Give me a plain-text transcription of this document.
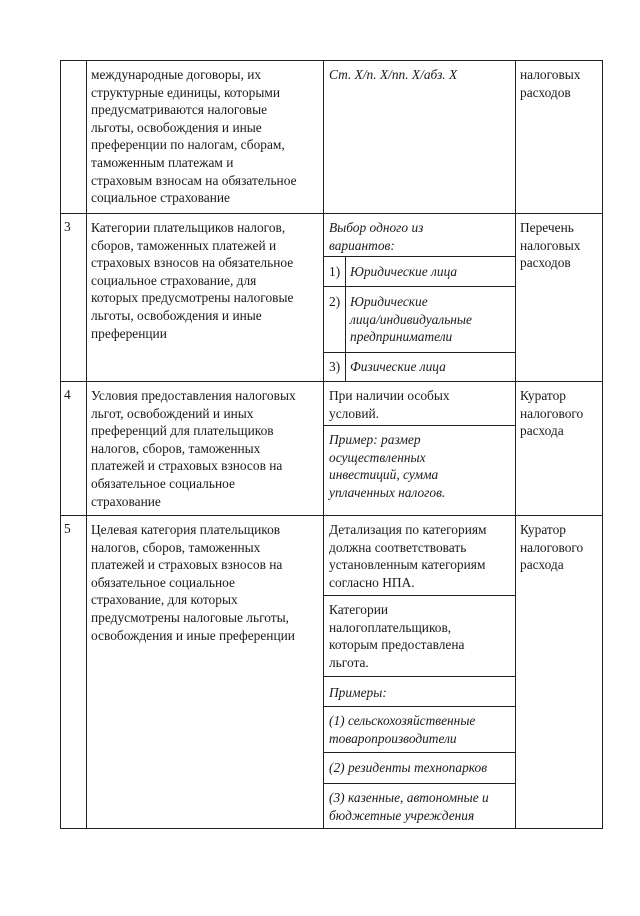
международные договоры, их
структурные единицы, которыми
предусматриваются налоговые
льготы, освобождения и иные
преференции по налогам, сборам,
таможенным платежам и
страховым взносам на обязательное
социальное страхование
Ст. X/п. X/пп. X/абз. X	налоговых
расходов
3 Категории плательщиков налогов,
сборов, таможенных платежей и
страховых взносов на обязательное
социальное страхование, для
которых предусмотрены налоговые
льготы, освобождения и иные
преференции
Выбор одного из
вариантов:
1) Юридические лица
2) Юридические
лица/индивидуальные
предприниматели
3) Физические лица
Перечень
налоговых
расходов
4 Условия предоставления налоговых
льгот, освобождений и иных
преференций для плательщиков
налогов, сборов, таможенных
платежей и страховых взносов на
обязательное социальное
страхование
При наличии особых
условий.
Пример: размер
осуществленных
инвестиций, сумма
уплаченных налогов.
Куратор
налогового
расхода
5 Целевая категория плательщиков
налогов, сборов, таможенных
платежей и страховых взносов на
обязательное социальное
страхование, для которых
предусмотрены налоговые льготы,
освобождения и иные преференции
Детализация по категориям
должна соответствовать
установленным категориям
согласно НПА.
Категории
налогоплательщиков,
которым предоставлена
льгота.
Примеры:
(1) сельскохозяйственные
товаропроизводители
(2) резиденты технопарков
(3) казенные, автономные и
бюджетные учреждения
Куратор
налогового
расхода
